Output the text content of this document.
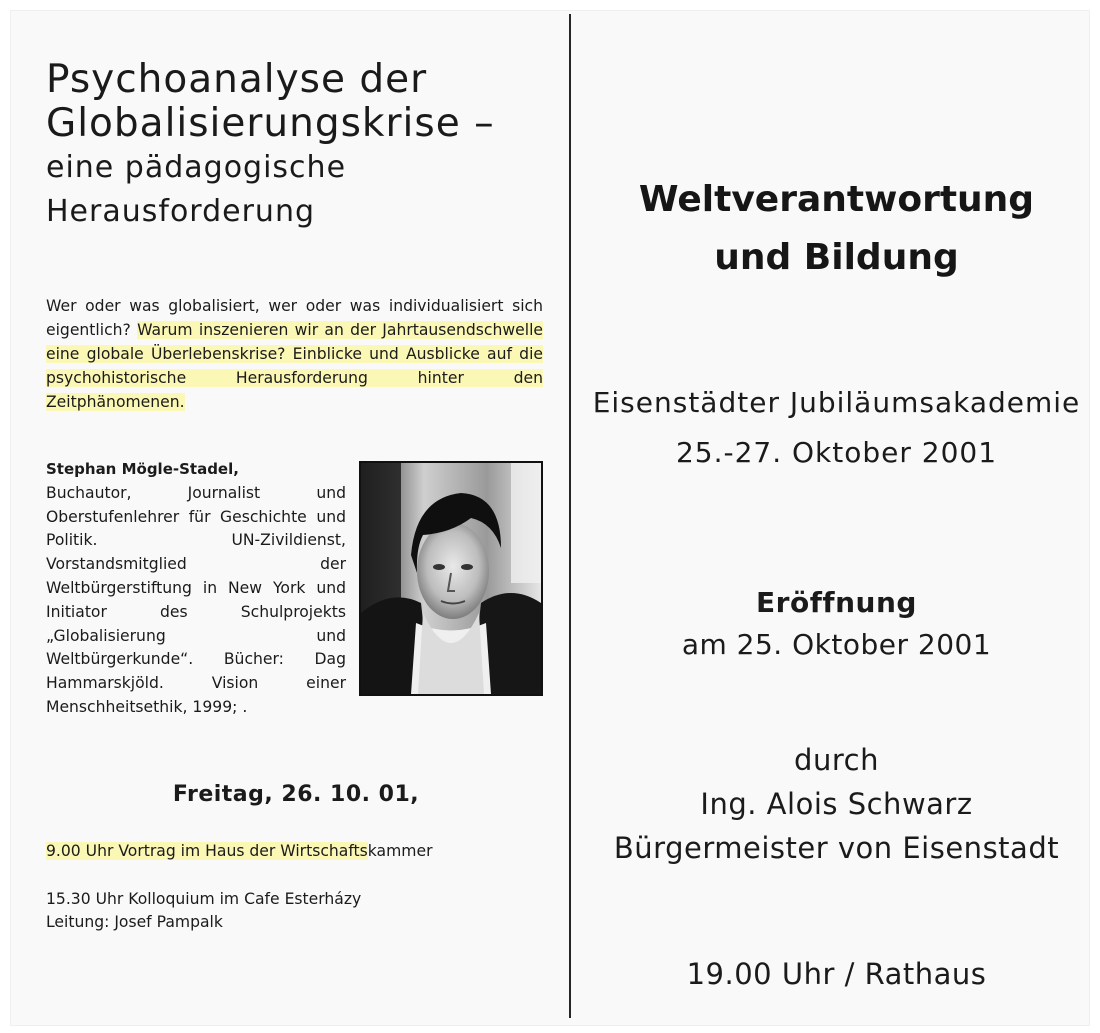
Psychoanalyse der
Globalisierungskrise –
eine pädagogische Herausforderung

Wer oder was globalisiert, wer oder was individualisiert sich eigentlich? Warum inszenieren wir an der Jahrtausendschwelle eine globale Überlebenskrise? Einblicke und Ausblicke auf die psychohistorische Herausforderung hinter den Zeitphänomenen.

Stephan Mögle-Stadel,
Buchautor, Journalist und Oberstufenlehrer für Geschichte und Politik. UN-Zivildienst, Vorstandsmitglied der Weltbürgerstiftung in New York und Initiator des Schulprojekts „Globalisierung und Weltbürgerkunde“. Bücher: Dag Hammarskjöld. Vision einer Menschheitsethik, 1999; .
Freitag, 26. 10. 01,
9.00 Uhr Vortrag im Haus der Wirtschaftskammer
15.30 Uhr Kolloquium im Cafe Esterházy
Leitung: Josef Pampalk
Weltverantwortung
und Bildung
Eisenstädter Jubiläumsakademie
25.-27. Oktober 2001
Eröffnung
am 25. Oktober 2001
durch
Ing. Alois Schwarz
Bürgermeister von Eisenstadt
19.00 Uhr / Rathaus
